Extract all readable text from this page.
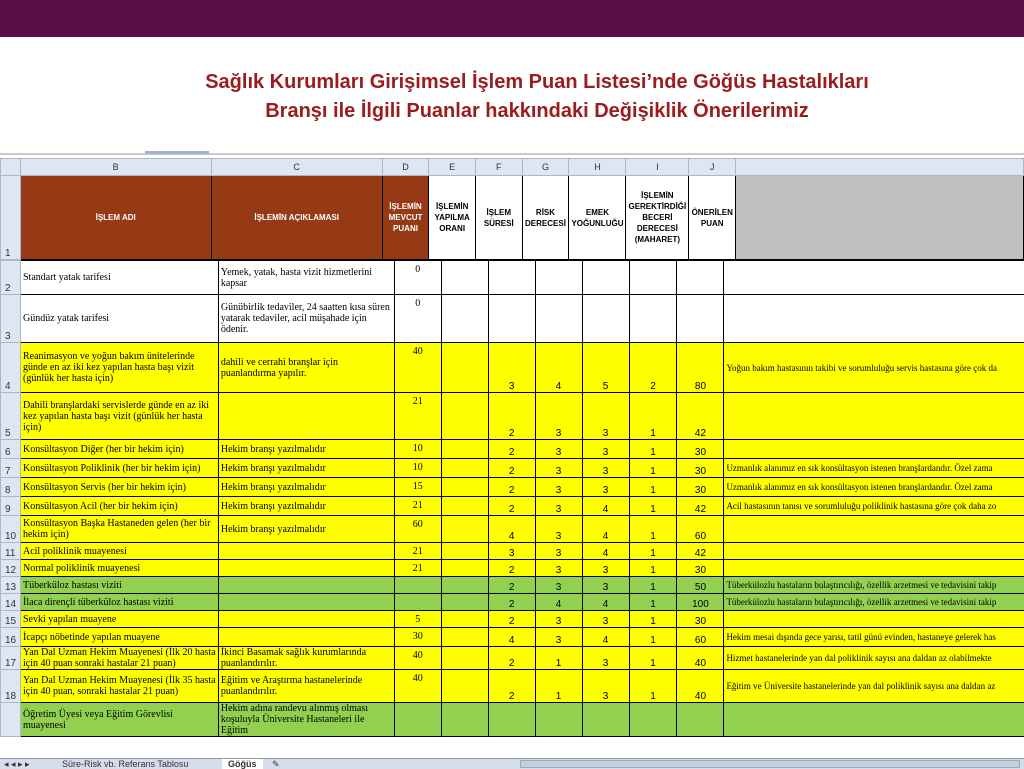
Sağlık Kurumları Girişimsel İşlem Puan Listesi’nde Göğüs Hastalıkları
Branşı ile İlgili Puanlar hakkındaki Değişiklik Önerilerimiz
	B	C	D	E	F	G	H	I	J	
1	İŞLEM ADI	İŞLEMİN AÇIKLAMASI	İŞLEMİN MEVCUT PUANI	İŞLEMİN YAPILMA ORANI	İŞLEM SÜRESİ	RİSK DERECESİ	EMEK YOĞUNLUĞU	İŞLEMİN GEREKTİRDİĞİ BECERİ DERECESİ (MAHARET)	ÖNERİLEN PUAN	
2	Standart yatak tarifesi	Yemek, yatak, hasta vizit hizmetlerini kapsar	0							
3	Gündüz yatak tarifesi	Günübirlik tedaviler, 24 saatten kısa süren yatarak tedaviler, acil müşahade için ödenir.	0							
4	Reanimasyon ve yoğun bakım ünitelerinde günde en az iki kez yapılan hasta başı vizit (günlük her hasta için)	dahili ve cerrahi branşlar için puanlandırma yapılır.	40		3	4	5	2	80	Yoğun bakım hastasının takibi ve sorumluluğu servis hastasına göre çok da
5	Dahili branşlardaki servislerde günde en az iki kez yapılan hasta başı vizit (günlük her hasta için)		21		2	3	3	1	42	
6	Konsültasyon Diğer (her bir hekim için)	Hekim branşı yazılmalıdır	10		2	3	3	1	30	
7	Konsültasyon Poliklinik (her bir hekim için)	Hekim branşı yazılmalıdır	10		2	3	3	1	30	Uzmanlık alanımız en sık konsültasyon istenen branşlardandır. Özel zama
8	Konsültasyon Servis (her bir hekim için)	Hekim branşı yazılmalıdır	15		2	3	3	1	30	Uzmanlık alanımız en sık konsültasyon istenen branşlardandır. Özel zama
9	Konsültasyon Acil (her bir hekim için)	Hekim branşı yazılmalıdır	21		2	3	4	1	42	Acil hastasının tanısı ve sorumluluğu poliklinik hastasına göre çok daha zo
10	Konsültasyon Başka Hastaneden gelen (her bir hekim için)	Hekim branşı yazılmalıdır	60		4	3	4	1	60	
11	Acil poliklinik muayenesi		21		3	3	4	1	42	
12	Normal poliklinik muayenesi		21		2	3	3	1	30	
13	Tüberküloz hastası viziti				2	3	3	1	50	Tüberkülozlu hastaların bulaştırıcılığı, özellik arzetmesi ve tedavisini takip
14	İlaca dirençli tüberküloz hastası viziti				2	4	4	1	100	Tüberkülozlu hastaların bulaştırıcılığı, özellik arzetmesi ve tedavisini takip
15	Sevki yapılan muayene		5		2	3	3	1	30	
16	İcapçı nöbetinde yapılan muayene		30		4	3	4	1	60	Hekim mesai dışında gece yarısı, tatil günü evinden, hastaneye gelerek has
17	Yan Dal Uzman Hekim Muayenesi (İlk 20 hasta için 40 puan sonraki hastalar 21 puan)	İkinci Basamak sağlık kurumlarında puanlandırılır.	40		2	1	3	1	40	Hizmet hastanelerinde yan dal poliklinik sayısı ana daldan az olabilmekte
18	Yan Dal Uzman Hekim Muayenesi (İlk 35 hasta için 40 puan, sonraki hastalar 21 puan)	Eğitim ve Araştırma hastanelerinde puanlandırılır.	40		2	1	3	1	40	Eğitim ve Üniversite hastanelerinde yan dal poliklinik sayısı ana daldan az
	Öğretim Üyesi veya Eğitim Görevlisi muayenesi	Hekim adına randevu alınmış olması koşuluyla Üniversite Hastaneleri ile Eğitim								
◂ ◂ ▸ ▸	Süre-Risk vb. Referans Tablosu	Göğüs	✎
